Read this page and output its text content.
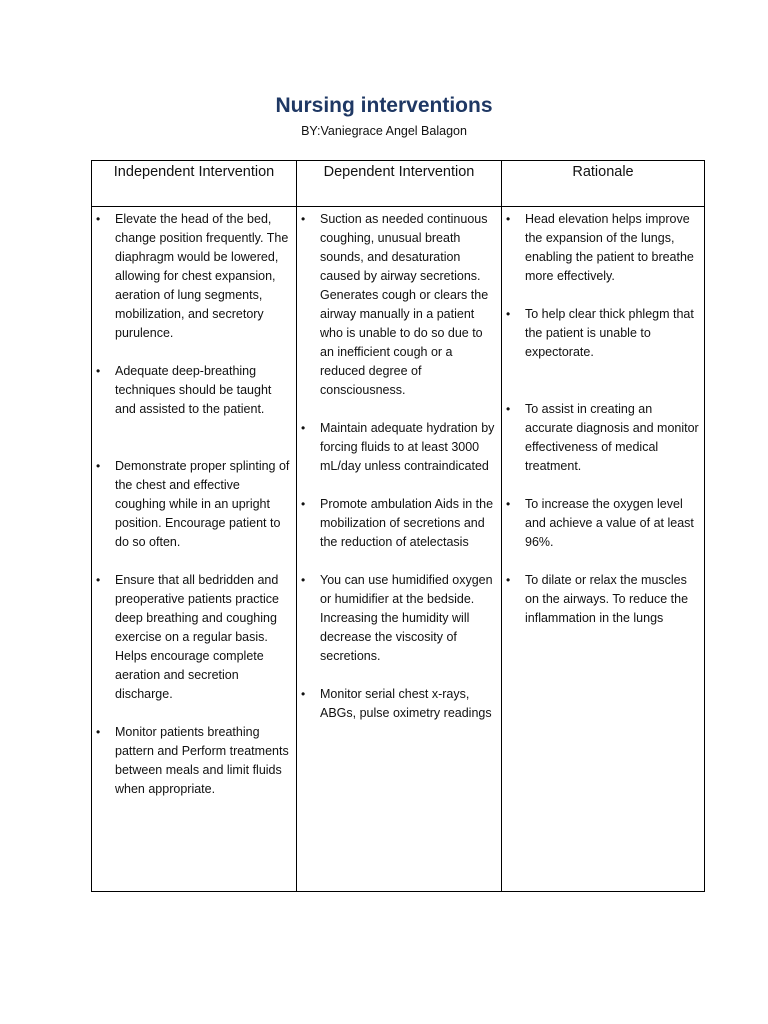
Nursing interventions
BY:Vaniegrace Angel Balagon
Independent Intervention	Dependent Intervention	Rationale
• Elevate the head of the bed, change position frequently. The diaphragm would be lowered, allowing for chest expansion, aeration of lung segments, mobilization, and secretory purulence.
• Adequate deep-breathing techniques should be taught and assisted to the patient.
• Demonstrate proper splinting of the chest and effective coughing while in an upright position. Encourage patient to do so often.
• Ensure that all bedridden and preoperative patients practice deep breathing and coughing exercise on a regular basis. Helps encourage complete aeration and secretion discharge.
• Monitor patients breathing pattern and Perform treatments between meals and limit fluids when appropriate.
• Suction as needed continuous coughing, unusual breath sounds, and desaturation caused by airway secretions. Generates cough or clears the airway manually in a patient who is unable to do so due to an inefficient cough or a reduced degree of consciousness.
• Maintain adequate hydration by forcing fluids to at least 3000 mL/day unless contraindicated
• Promote ambulation Aids in the mobilization of secretions and the reduction of atelectasis
• You can use humidified oxygen or humidifier at the bedside. Increasing the humidity will decrease the viscosity of secretions.
• Monitor serial chest x-rays, ABGs, pulse oximetry readings
• Head elevation helps improve the expansion of the lungs, enabling the patient to breathe more effectively.
• To help clear thick phlegm that the patient is unable to expectorate.
• To assist in creating an accurate diagnosis and monitor effectiveness of medical treatment.
• To increase the oxygen level and achieve a value of at least 96%.
• To dilate or relax the muscles on the airways. To reduce the inflammation in the lungs
